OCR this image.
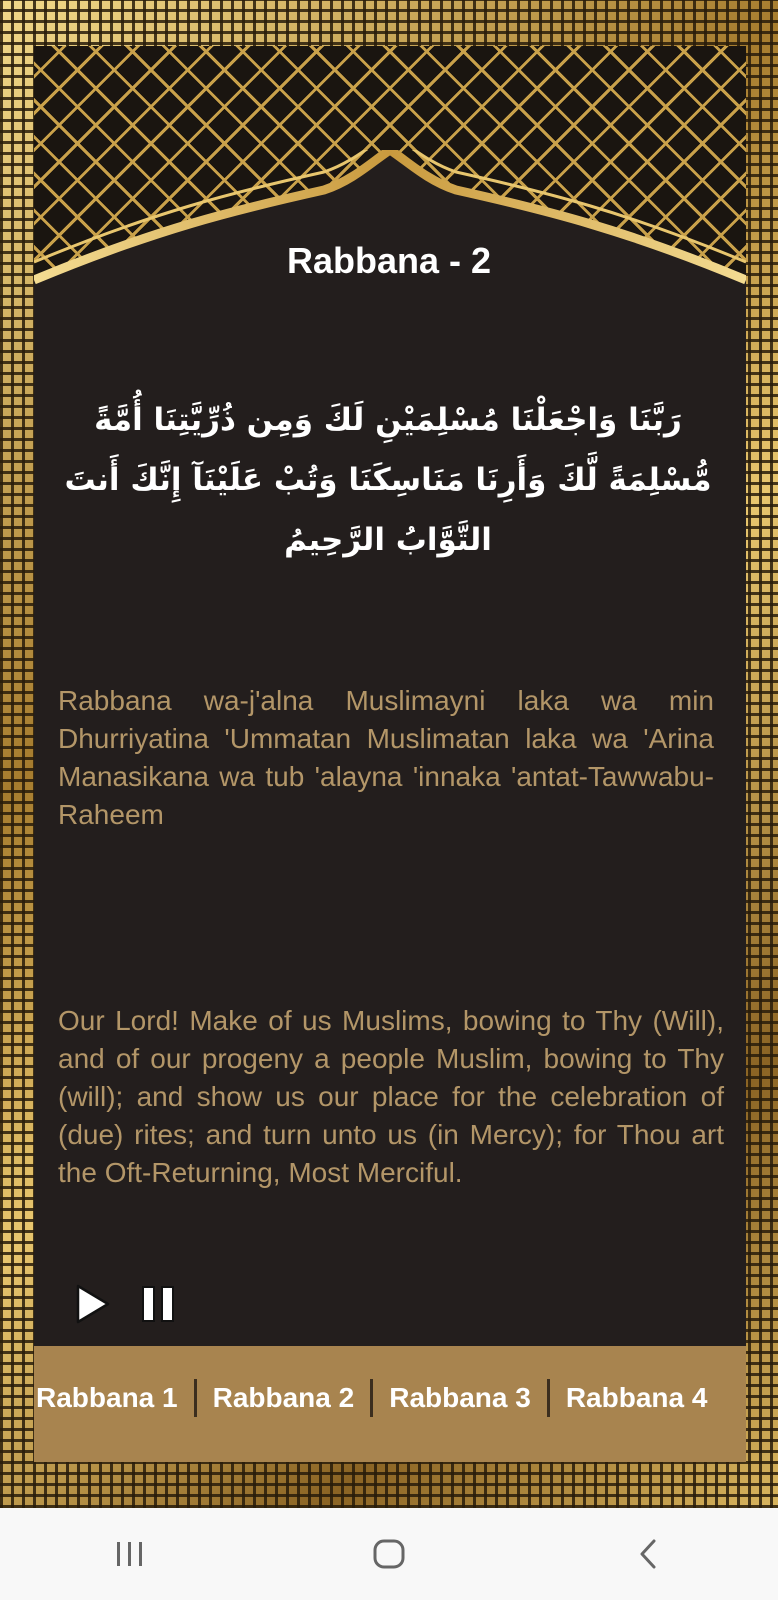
Rabbana - 2
رَبَّنَا وَاجْعَلْنَا مُسْلِمَيْنِ لَكَ وَمِن ذُرِّيَّتِنَا أُمَّةً مُّسْلِمَةً لَّكَ وَأَرِنَا مَنَاسِكَنَا وَتُبْ عَلَيْنَآ إِنَّكَ أَنتَ التَّوَّابُ الرَّحِيمُ
Rabbana wa-j'alna Muslimayni laka wa min Dhurriyatina 'Ummatan Muslimatan laka wa 'Arina Manasikana wa tub 'alayna 'innaka 'antat-Tawwabu-Raheem
Our Lord! Make of us Muslims, bowing to Thy (Will), and of our progeny a people Muslim, bowing to Thy (will); and show us our place for the celebration of (due) rites; and turn unto us (in Mercy); for Thou art the Oft-Returning, Most Merciful.
Rabbana 1	Rabbana 2	Rabbana 3	Rabbana 4
